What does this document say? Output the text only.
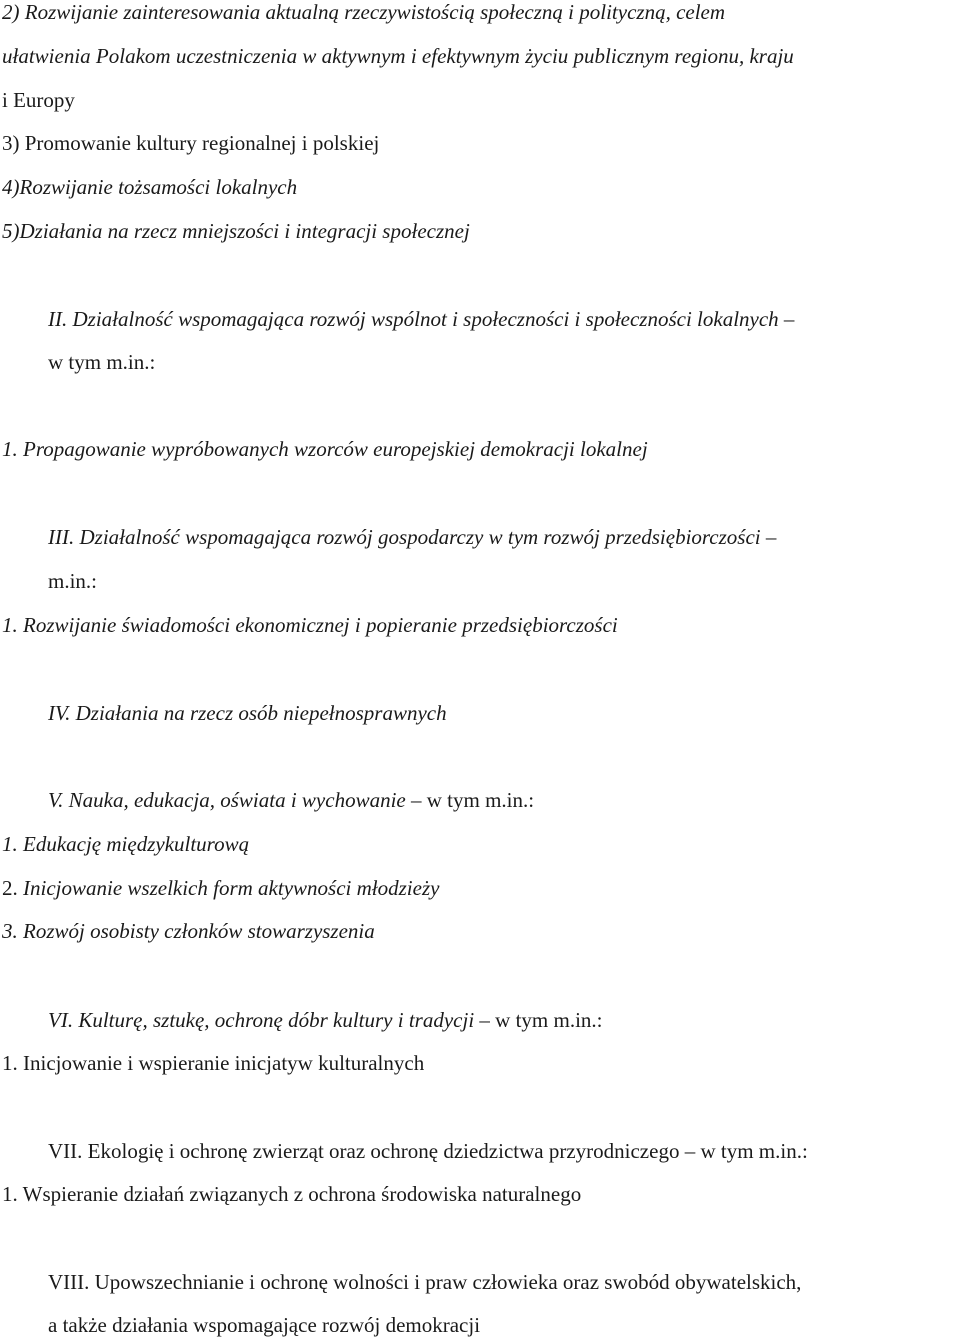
2) Rozwijanie zainteresowania aktualną rzeczywistością społeczną i polityczną, celem
ułatwienia Polakom uczestniczenia w aktywnym i efektywnym życiu publicznym regionu, kraju
i Europy
3) Promowanie kultury regionalnej i polskiej
4)Rozwijanie tożsamości lokalnych
5)Działania na rzecz mniejszości i integracji społecznej
II. Działalność wspomagająca rozwój wspólnot i społeczności i społeczności lokalnych –
w tym m.in.:
1. Propagowanie wypróbowanych wzorców europejskiej demokracji lokalnej
III. Działalność wspomagająca rozwój gospodarczy w tym rozwój przedsiębiorczości –
m.in.:
1. Rozwijanie świadomości ekonomicznej i popieranie przedsiębiorczości
IV. Działania na rzecz osób niepełnosprawnych
V. Nauka, edukacja, oświata i wychowanie – w tym m.in.:
1. Edukację międzykulturową
2. Inicjowanie wszelkich form aktywności młodzieży
3. Rozwój osobisty członków stowarzyszenia
VI. Kulturę, sztukę, ochronę dóbr kultury i tradycji – w tym m.in.:
1. Inicjowanie i wspieranie inicjatyw kulturalnych
VII. Ekologię i ochronę zwierząt oraz ochronę dziedzictwa przyrodniczego – w tym m.in.:
1. Wspieranie działań związanych z ochrona środowiska naturalnego
VIII. Upowszechnianie i ochronę wolności i praw człowieka oraz swobód obywatelskich,
a także działania wspomagające rozwój demokracji
